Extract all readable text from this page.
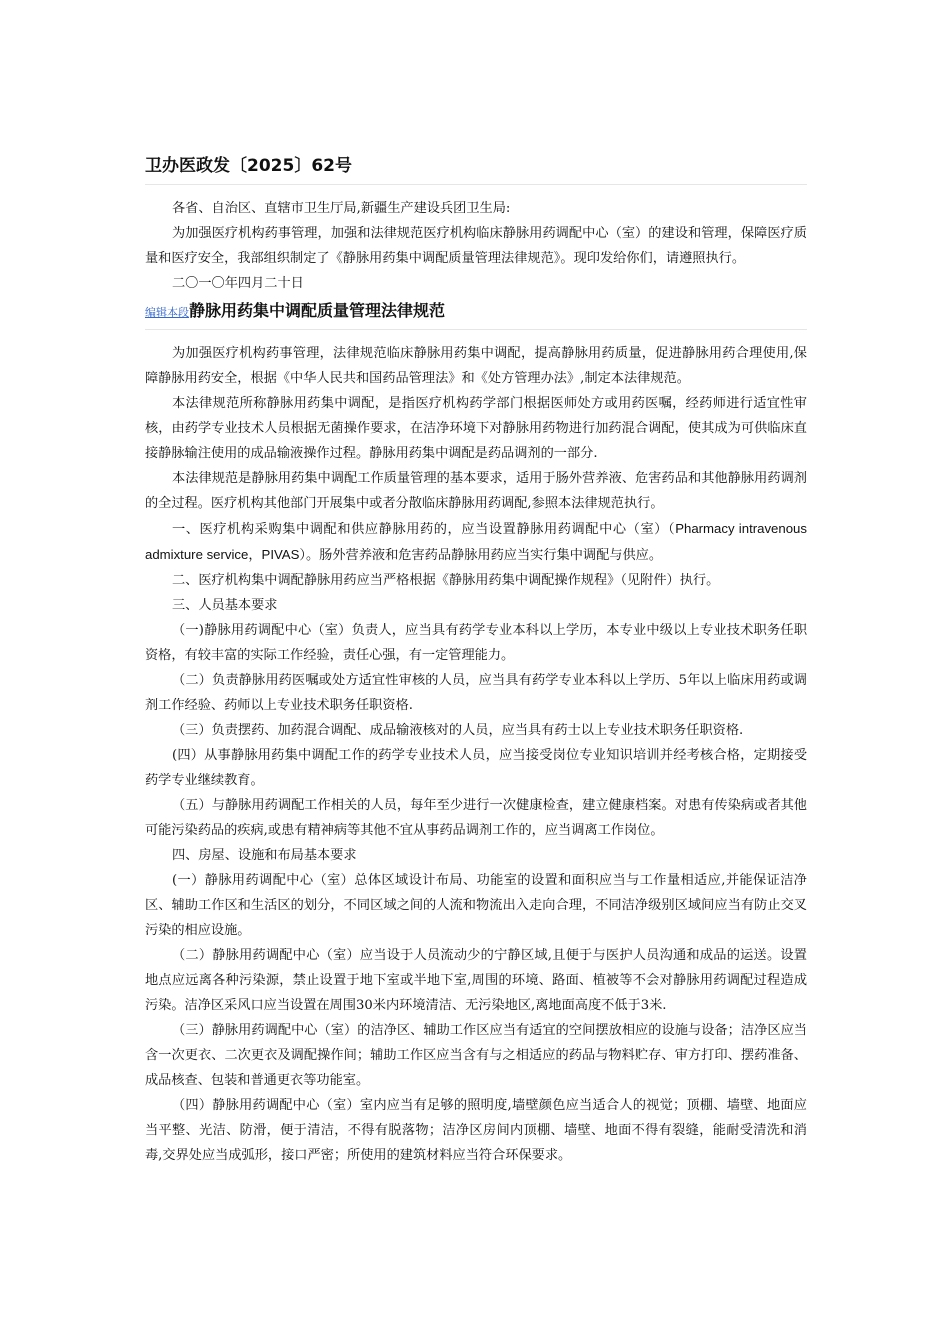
卫办医政发〔2025〕62号

各省、自治区、直辖市卫生厅局,新疆生产建设兵团卫生局:

为加强医疗机构药事管理，加强和法律规范医疗机构临床静脉用药调配中心（室）的建设和管理，保障医疗质量和医疗安全，我部组织制定了《静脉用药集中调配质量管理法律规范》。现印发给你们，请遵照执行。

二〇一〇年四月二十日

编辑本段静脉用药集中调配质量管理法律规范

为加强医疗机构药事管理，法律规范临床静脉用药集中调配，提高静脉用药质量，促进静脉用药合理使用,保障静脉用药安全，根据《中华人民共和国药品管理法》和《处方管理办法》,制定本法律规范。

本法律规范所称静脉用药集中调配，是指医疗机构药学部门根据医师处方或用药医嘱，经药师进行适宜性审核，由药学专业技术人员根据无菌操作要求，在洁净环境下对静脉用药物进行加药混合调配，使其成为可供临床直接静脉输注使用的成品输液操作过程。静脉用药集中调配是药品调剂的一部分.

本法律规范是静脉用药集中调配工作质量管理的基本要求，适用于肠外营养液、危害药品和其他静脉用药调剂的全过程。医疗机构其他部门开展集中或者分散临床静脉用药调配,参照本法律规范执行。

一、医疗机构采购集中调配和供应静脉用药的，应当设置静脉用药调配中心（室）（Pharmacy intravenous admixture service，PIVAS）。肠外营养液和危害药品静脉用药应当实行集中调配与供应。

二、医疗机构集中调配静脉用药应当严格根据《静脉用药集中调配操作规程》（见附件）执行。

三、人员基本要求

（一)静脉用药调配中心（室）负责人，应当具有药学专业本科以上学历，本专业中级以上专业技术职务任职资格，有较丰富的实际工作经验，责任心强，有一定管理能力。

（二）负责静脉用药医嘱或处方适宜性审核的人员，应当具有药学专业本科以上学历、5年以上临床用药或调剂工作经验、药师以上专业技术职务任职资格.

（三）负责摆药、加药混合调配、成品输液核对的人员，应当具有药士以上专业技术职务任职资格.

(四）从事静脉用药集中调配工作的药学专业技术人员，应当接受岗位专业知识培训并经考核合格，定期接受药学专业继续教育。

（五）与静脉用药调配工作相关的人员，每年至少进行一次健康检查，建立健康档案。对患有传染病或者其他可能污染药品的疾病,或患有精神病等其他不宜从事药品调剂工作的，应当调离工作岗位。

四、房屋、设施和布局基本要求

(一）静脉用药调配中心（室）总体区域设计布局、功能室的设置和面积应当与工作量相适应,并能保证洁净区、辅助工作区和生活区的划分，不同区域之间的人流和物流出入走向合理，不同洁净级别区域间应当有防止交叉污染的相应设施。

（二）静脉用药调配中心（室）应当设于人员流动少的宁静区域,且便于与医护人员沟通和成品的运送。设置地点应远离各种污染源，禁止设置于地下室或半地下室,周围的环境、路面、植被等不会对静脉用药调配过程造成污染。洁净区采风口应当设置在周围30米内环境清洁、无污染地区,离地面高度不低于3米.

（三）静脉用药调配中心（室）的洁净区、辅助工作区应当有适宜的空间摆放相应的设施与设备；洁净区应当含一次更衣、二次更衣及调配操作间；辅助工作区应当含有与之相适应的药品与物料贮存、审方打印、摆药准备、成品核查、包装和普通更衣等功能室。

（四）静脉用药调配中心（室）室内应当有足够的照明度,墙壁颜色应当适合人的视觉；顶棚、墙壁、地面应当平整、光洁、防滑，便于清洁，不得有脱落物；洁净区房间内顶棚、墙壁、地面不得有裂缝，能耐受清洗和消毒,交界处应当成弧形，接口严密；所使用的建筑材料应当符合环保要求。
